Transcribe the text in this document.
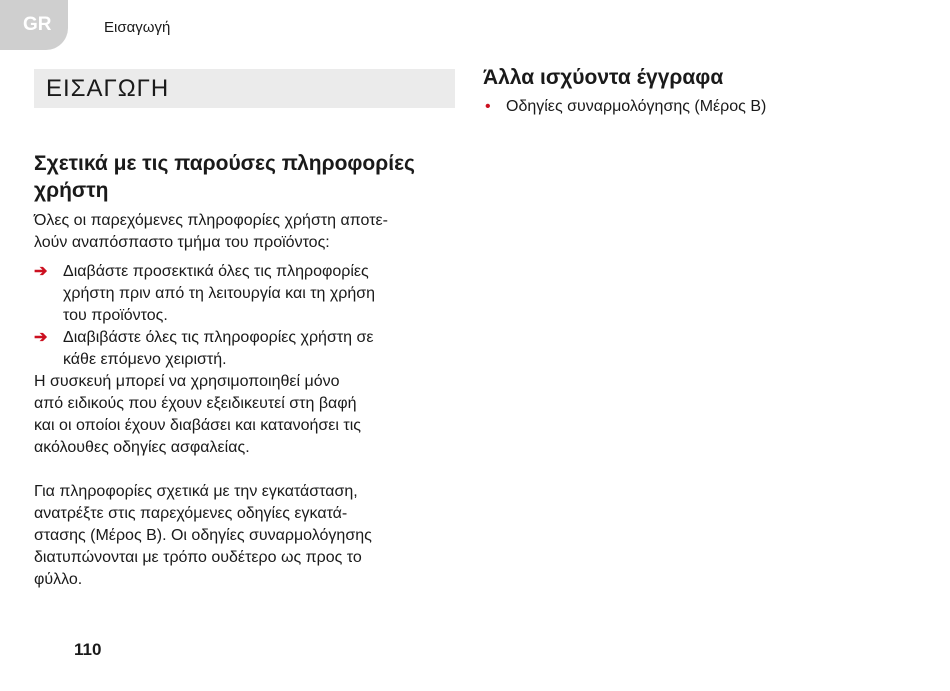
GR	Εισαγωγή
ΕΙΣΑΓΩΓΗ
Σχετικά με τις παρούσες πληροφορίες
χρήστη

Όλες οι παρεχόμενες πληροφορίες χρήστη αποτε-
λούν αναπόσπαστο τμήμα του προϊόντος:

➔ Διαβάστε προσεκτικά όλες τις πληροφορίες
χρήστη πριν από τη λειτουργία και τη χρήση
του προϊόντος.
➔ Διαβιβάστε όλες τις πληροφορίες χρήστη σε
κάθε επόμενο χειριστή.

Η συσκευή μπορεί να χρησιμοποιηθεί μόνο
από ειδικούς που έχουν εξειδικευτεί στη βαφή
και οι οποίοι έχουν διαβάσει και κατανοήσει τις
ακόλουθες οδηγίες ασφαλείας.

Για πληροφορίες σχετικά με την εγκατάσταση,
ανατρέξτε στις παρεχόμενες οδηγίες εγκατά-
στασης (Μέρος Β). Οι οδηγίες συναρμολόγησης
διατυπώνονται με τρόπο ουδέτερο ως προς το
φύλλο.

Άλλα ισχύοντα έγγραφα
• Οδηγίες συναρμολόγησης (Μέρος Β)
110
